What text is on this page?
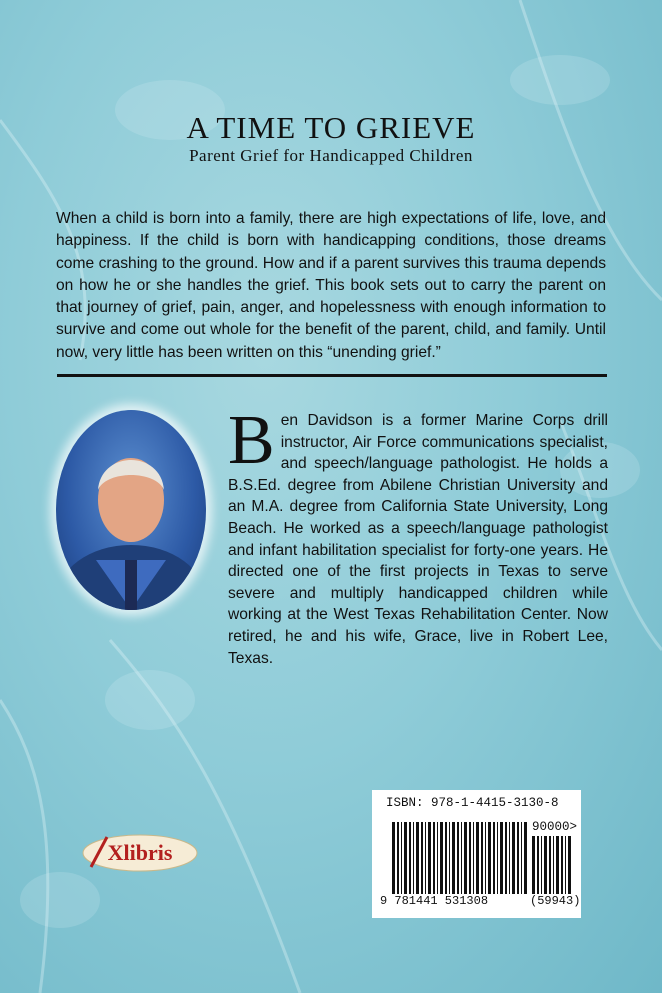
A TIME TO GRIEVE
Parent Grief for Handicapped Children
When a child is born into a family, there are high expectations of life, love, and happiness. If the child is born with handicapping conditions, those dreams come crashing to the ground. How and if a parent survives this trauma depends on how he or she handles the grief. This book sets out to carry the parent on that journey of grief, pain, anger, and hopelessness with enough information to survive and come out whole for the benefit of the parent, child, and family. Until now, very little has been written on this “unending grief.”
Ben Davidson is a former Marine Corps drill instructor, Air Force communications specialist, and speech/language pathologist. He holds a B.S.Ed. degree from Abilene Christian University and an M.A. degree from California State University, Long Beach. He worked as a speech/language pathologist and infant habilitation specialist for forty-one years. He directed one of the first projects in Texas to serve severe and multiply handicapped children while working at the West Texas Rehabilitation Center. Now retired, he and his wife, Grace, live in Robert Lee, Texas.
ISBN: 978-1-4415-3130-8
90000>
9 781441 531308	(59943)
Xlibris
